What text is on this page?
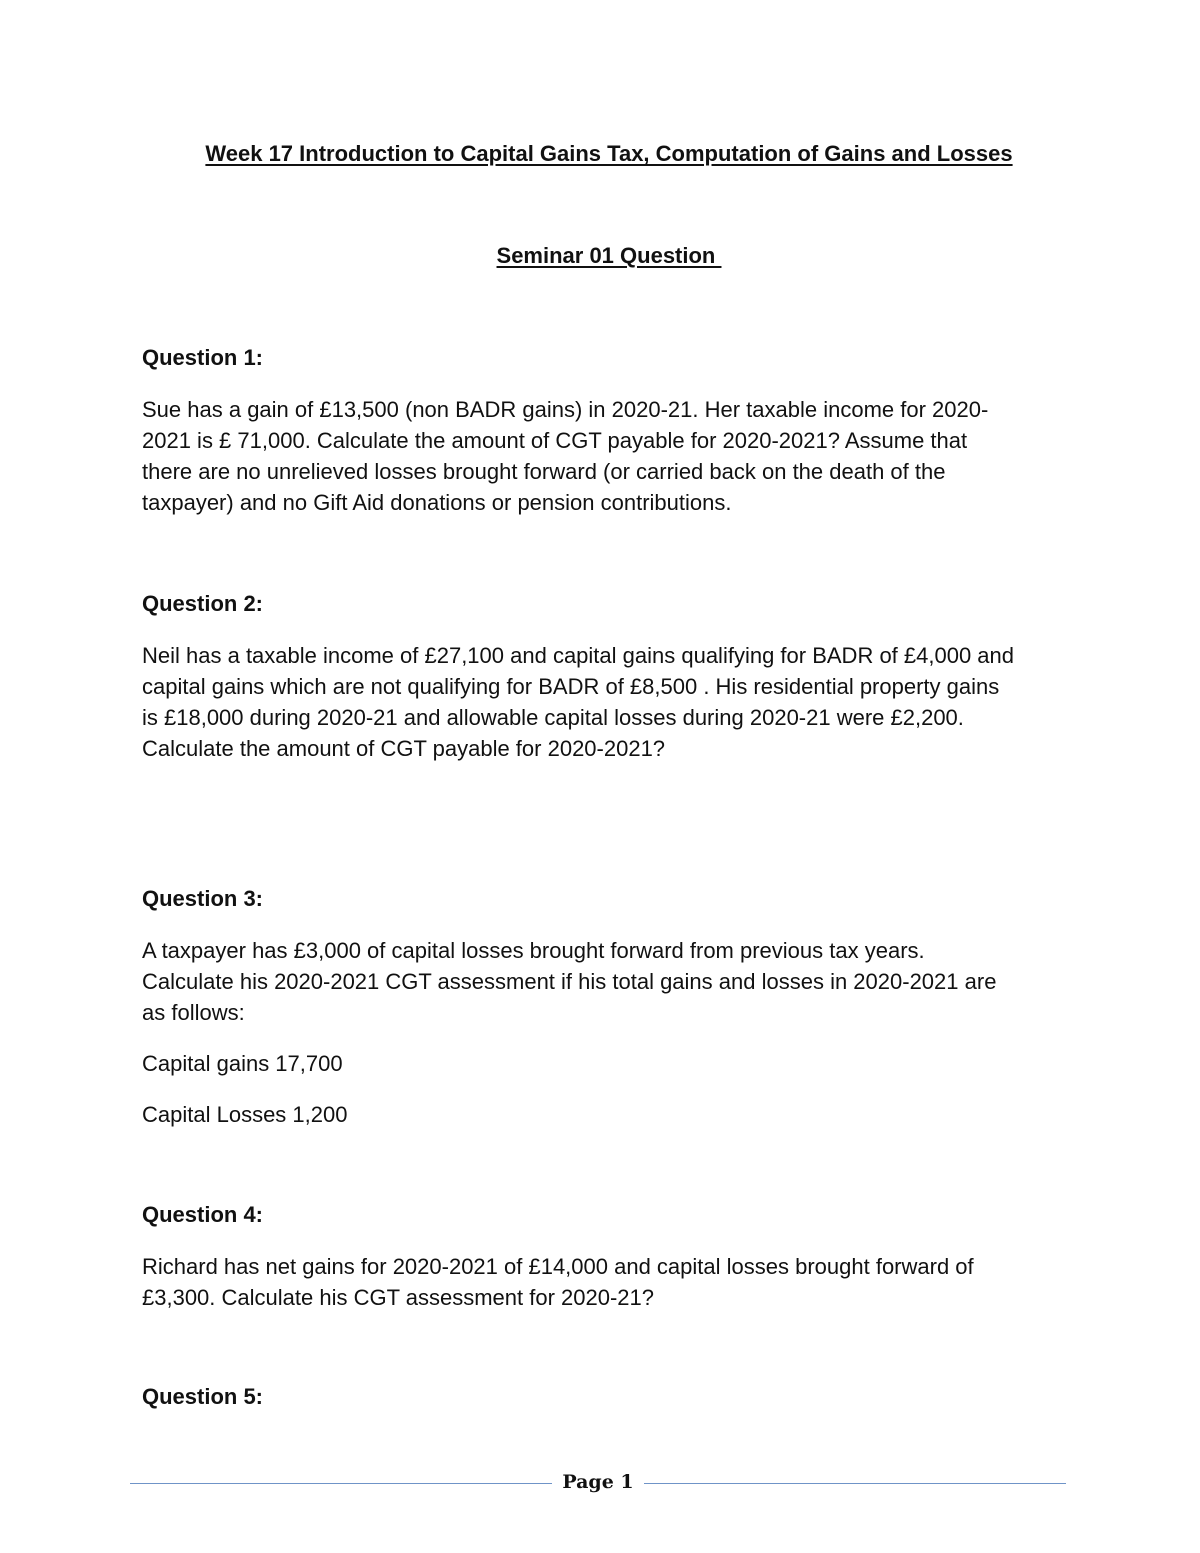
Week 17 Introduction to Capital Gains Tax, Computation of Gains and Losses
Seminar 01 Question
Question 1:
Sue has a gain of £13,500 (non BADR gains) in 2020-21. Her taxable income for 2020-
2021 is £ 71,000. Calculate the amount of CGT payable for 2020-2021? Assume that
there are no unrelieved losses brought forward (or carried back on the death of the
taxpayer) and no Gift Aid donations or pension contributions.
Question 2:
Neil has a taxable income of £27,100 and capital gains qualifying for BADR of £4,000 and
capital gains which are not qualifying for BADR of £8,500 . His residential property gains
is £18,000 during 2020-21 and allowable capital losses during 2020-21 were £2,200.
Calculate the amount of CGT payable for 2020-2021?
Question 3:
A taxpayer has £3,000 of capital losses brought forward from previous tax years.
Calculate his 2020-2021 CGT assessment if his total gains and losses in 2020-2021 are
as follows:
Capital gains 17,700
Capital Losses 1,200
Question 4:
Richard has net gains for 2020-2021 of £14,000 and capital losses brought forward of
£3,300. Calculate his CGT assessment for 2020-21?
Question 5:
Page 1
